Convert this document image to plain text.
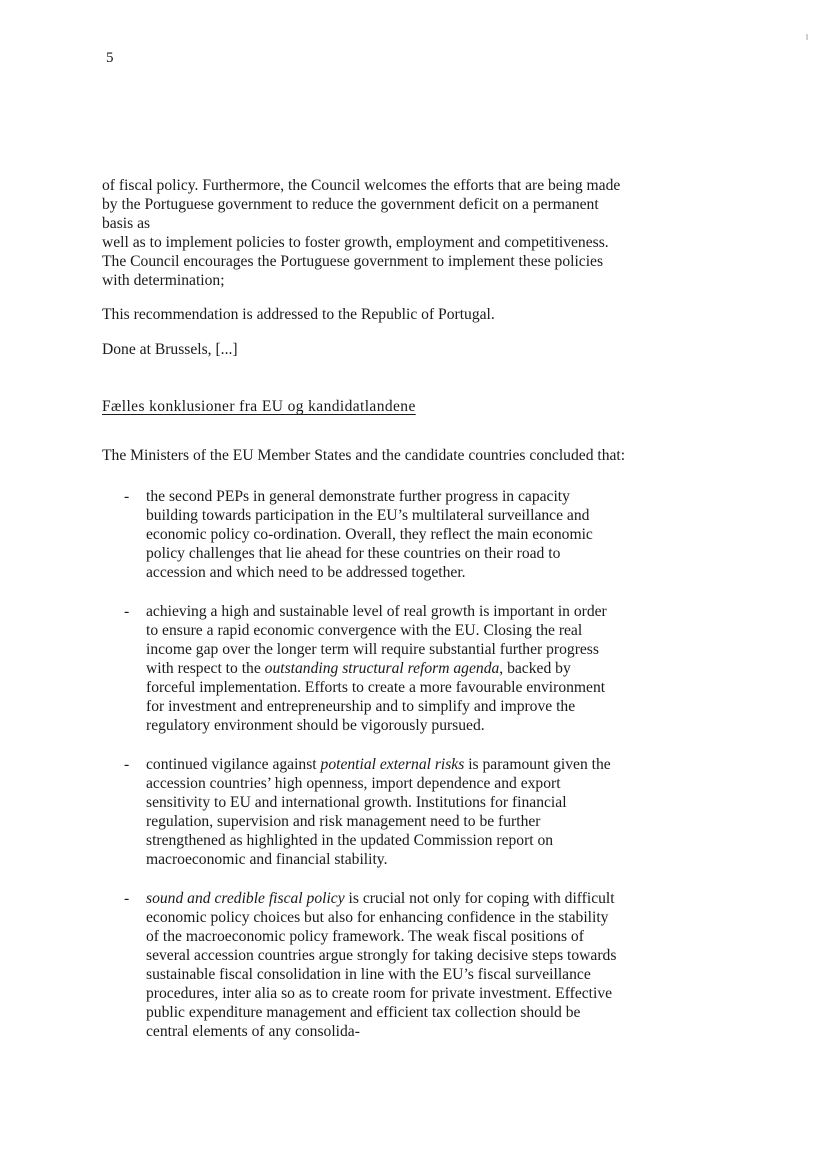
5

of fiscal policy. Furthermore, the Council welcomes the efforts that are being made by the Portuguese government to reduce the government deficit on a permanent basis as

well as to implement policies to foster growth, employment and competitiveness. The Council encourages the Portuguese government to implement these policies with determination;

This recommendation is addressed to the Republic of Portugal.

Done at Brussels, [...]

Fælles konklusioner fra EU og kandidatlandene

The Ministers of the EU Member States and the candidate countries concluded that:

- the second PEPs in general demonstrate further progress in capacity building towards participation in the EU’s multilateral surveillance and economic policy co-ordination. Overall, they reflect the main economic policy challenges that lie ahead for these countries on their road to accession and which need to be addressed together.
- achieving a high and sustainable level of real growth is important in order to ensure a rapid economic convergence with the EU. Closing the real income gap over the longer term will require substantial further progress with respect to the outstanding structural reform agenda, backed by forceful implementation. Efforts to create a more favourable environment for investment and entrepreneurship and to simplify and improve the regulatory environment should be vigorously pursued.
- continued vigilance against potential external risks is paramount given the accession countries’ high openness, import dependence and export sensitivity to EU and international growth. Institutions for financial regulation, supervision and risk management need to be further strengthened as highlighted in the updated Commission report on macroeconomic and financial stability.
- sound and credible fiscal policy is crucial not only for coping with difficult economic policy choices but also for enhancing confidence in the stability of the macroeconomic policy framework. The weak fiscal positions of several accession countries argue strongly for taking decisive steps towards sustainable fiscal consolidation in line with the EU’s fiscal surveillance procedures, inter alia so as to create room for private investment. Effective public expenditure management and efficient tax collection should be central elements of any consolida-
